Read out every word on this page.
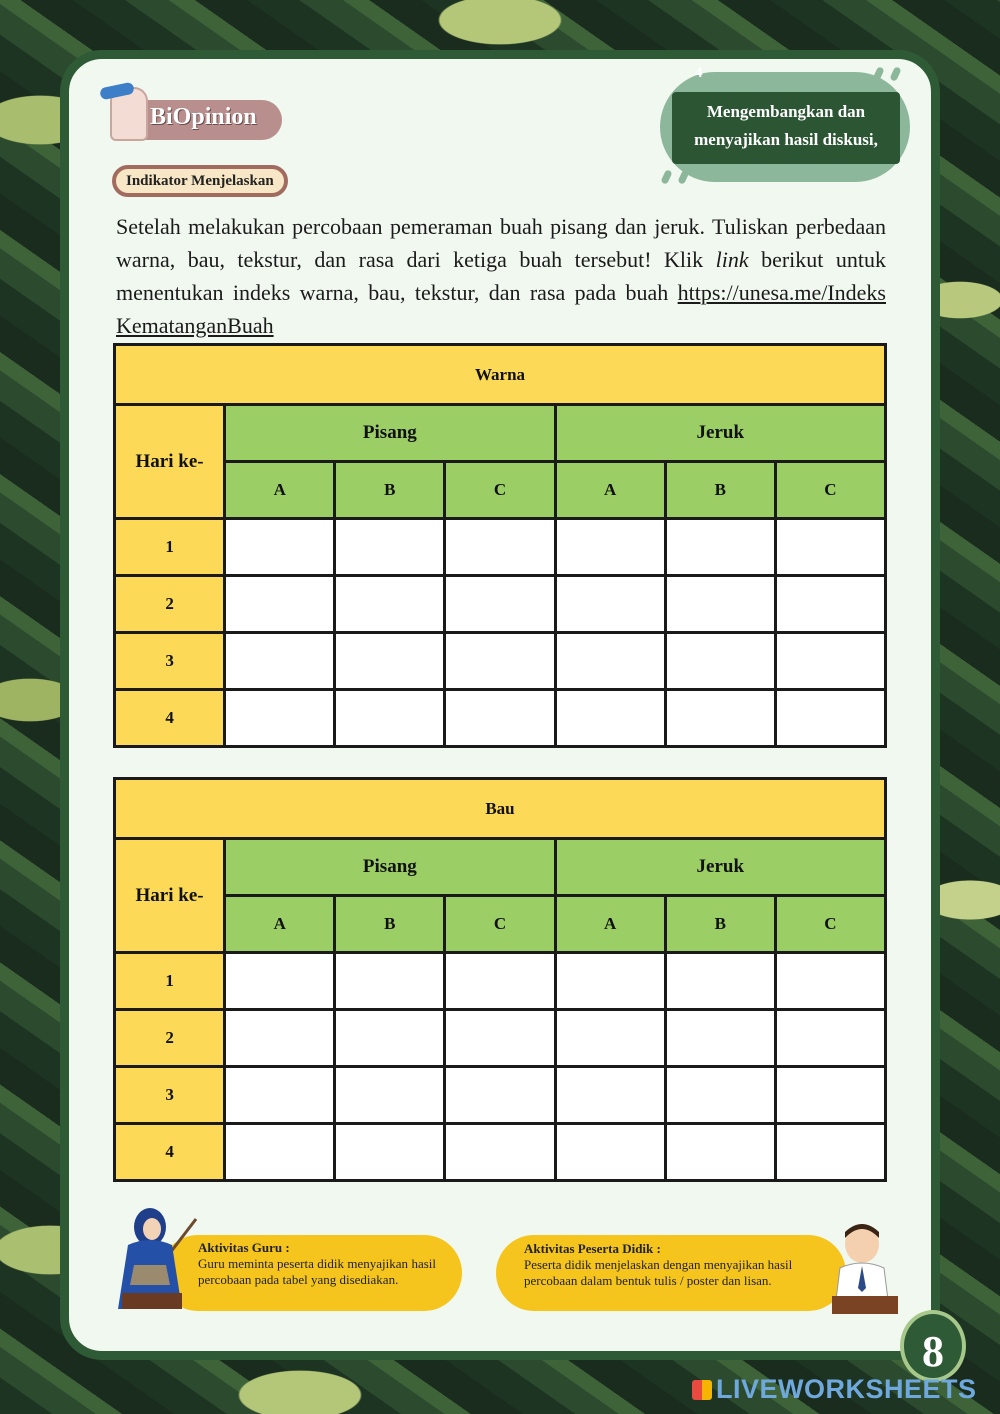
BiOpinion
Indikator Menjelaskan
4
Mengembangkan dan
menyajikan hasil diskusi,
Setelah melakukan percobaan pemeraman buah pisang dan jeruk. Tuliskan perbedaan warna, bau, tekstur, dan rasa dari ketiga buah tersebut! Klik link berikut untuk menentukan indeks warna, bau, tekstur, dan rasa pada buah https://unesa.me/Indeks KematanganBuah
Warna						
Hari ke-	Pisang			Jeruk		
	A	B	C	A	B	C
1						
2						
3						
4						
Bau						
Hari ke-	Pisang			Jeruk		
	A	B	C	A	B	C
1						
2						
3						
4						
Aktivitas Guru :
Guru meminta peserta didik menyajikan hasil percobaan pada tabel yang disediakan.
Aktivitas Peserta Didik :
Peserta didik menjelaskan dengan menyajikan hasil percobaan dalam bentuk tulis / poster dan lisan.
8
LIVEWORKSHEETS
